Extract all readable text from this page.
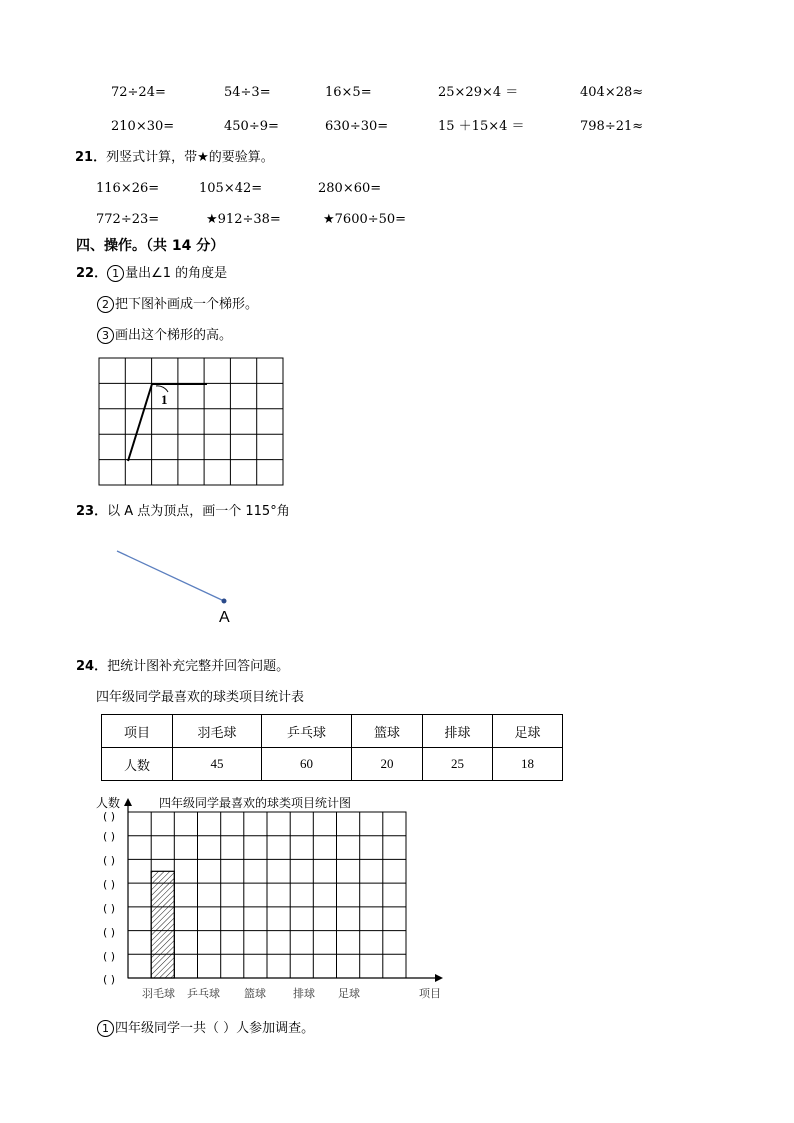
72÷24=	54÷3=	16×5=	25×29×4 ＝	404×28≈
210×30=	450÷9=	630÷30=	15 ＋15×4 ＝	798÷21≈
21．列竖式计算，带★的要验算。
116×26=	105×42=	280×60=
772÷23=	★912÷38=	★7600÷50=
四、操作。（共 14 分）
22． 1 量出∠1 的角度是
2 把下图补画成一个梯形。
3 画出这个梯形的高。
1
A
( )
( )
( )
( )
( )
( )
( )
( )
人数	四年级同学最喜欢的球类项目统计图
羽毛球 乒乓球 篮球 排球 足球	项目
23．以 A 点为顶点，画一个 115°角
24．把统计图补充完整并回答问题。
四年级同学最喜欢的球类项目统计表
项目	羽毛球	乒乓球	篮球	排球	足球
人数	45	60	20	25	18
1 四年级同学一共（ ）人参加调查。
